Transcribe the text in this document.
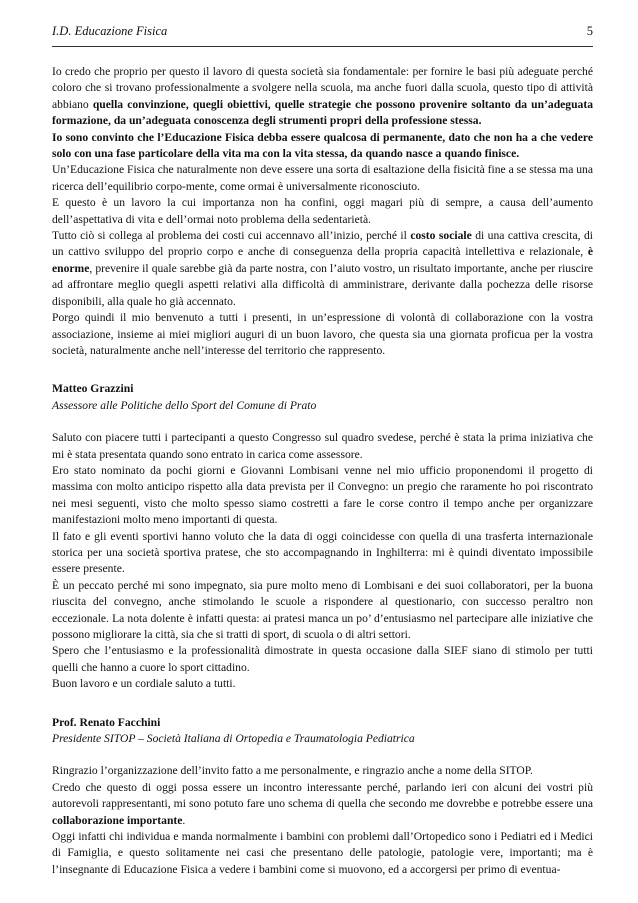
I.D. Educazione Fisica	5

Io credo che proprio per questo il lavoro di questa società sia fondamentale: per fornire le basi più adeguate perché coloro che si trovano professionalmente a svolgere nella scuola, ma anche fuori dalla scuola, questo tipo di attività abbiano quella convinzione, quegli obiettivi, quelle strategie che possono provenire soltanto da un’adeguata formazione, da un’adeguata conoscenza degli strumenti propri della professione stessa.

Io sono convinto che l’Educazione Fisica debba essere qualcosa di permanente, dato che non ha a che vedere solo con una fase particolare della vita ma con la vita stessa, da quando nasce a quando finisce.

Un’Educazione Fisica che naturalmente non deve essere una sorta di esaltazione della fisicità fine a se stessa ma una ricerca dell’equilibrio corpo-mente, come ormai è universalmente riconosciuto.

E questo è un lavoro la cui importanza non ha confini, oggi magari più di sempre, a causa dell’aumento dell’aspettativa di vita e dell’ormai noto problema della sedentarietà.

Tutto ciò si collega al problema dei costi cui accennavo all’inizio, perché il costo sociale di una cattiva crescita, di un cattivo sviluppo del proprio corpo e anche di conseguenza della propria capacità intellettiva e relazionale, è enorme, prevenire il quale sarebbe già da parte nostra, con l’aiuto vostro, un risultato importante, anche per riuscire ad affrontare meglio quegli aspetti relativi alla difficoltà di amministrare, derivante dalla pochezza delle risorse disponibili, alla quale ho già accennato.

Porgo quindi il mio benvenuto a tutti i presenti, in un’espressione di volontà di collaborazione con la vostra associazione, insieme ai miei migliori auguri di un buon lavoro, che questa sia una giornata proficua per la vostra società, naturalmente anche nell’interesse del territorio che rappresento.

Matteo Grazzini

Assessore alle Politiche dello Sport del Comune di Prato

Saluto con piacere tutti i partecipanti a questo Congresso sul quadro svedese, perché è stata la prima iniziativa che mi è stata presentata quando sono entrato in carica come assessore.

Ero stato nominato da pochi giorni e Giovanni Lombisani venne nel mio ufficio proponendomi il progetto di massima con molto anticipo rispetto alla data prevista per il Convegno: un pregio che raramente ho poi riscontrato nei mesi seguenti, visto che molto spesso siamo costretti a fare le corse contro il tempo anche per organizzare manifestazioni molto meno importanti di questa.

Il fato e gli eventi sportivi hanno voluto che la data di oggi coincidesse con quella di una trasferta internazionale storica per una società sportiva pratese, che sto accompagnando in Inghilterra: mi è quindi diventato impossibile essere presente.

È un peccato perché mi sono impegnato, sia pure molto meno di Lombisani e dei suoi collaboratori, per la buona riuscita del convegno, anche stimolando le scuole a rispondere al questionario, con successo peraltro non eccezionale. La nota dolente è infatti questa: ai pratesi manca un po’ d’entusiasmo nel partecipare alle iniziative che possono migliorare la città, sia che si tratti di sport, di scuola o di altri settori.

Spero che l’entusiasmo e la professionalità dimostrate in questa occasione dalla SIEF siano di stimolo per tutti quelli che hanno a cuore lo sport cittadino.

Buon lavoro e un cordiale saluto a tutti.

Prof. Renato Facchini

Presidente SITOP – Società Italiana di Ortopedia e Traumatologia Pediatrica

Ringrazio l’organizzazione dell’invito fatto a me personalmente, e ringrazio anche a nome della SITOP.

Credo che questo di oggi possa essere un incontro interessante perché, parlando ieri con alcuni dei vostri più autorevoli rappresentanti, mi sono potuto fare uno schema di quella che secondo me dovrebbe e potrebbe essere una collaborazione importante.

Oggi infatti chi individua e manda normalmente i bambini con problemi dall’Ortopedico sono i Pediatri ed i Medici di Famiglia, e questo solitamente nei casi che presentano delle patologie, patologie vere, importanti; ma è l’insegnante di Educazione Fisica a vedere i bambini come si muovono, ed a accorgersi per primo di eventua-
